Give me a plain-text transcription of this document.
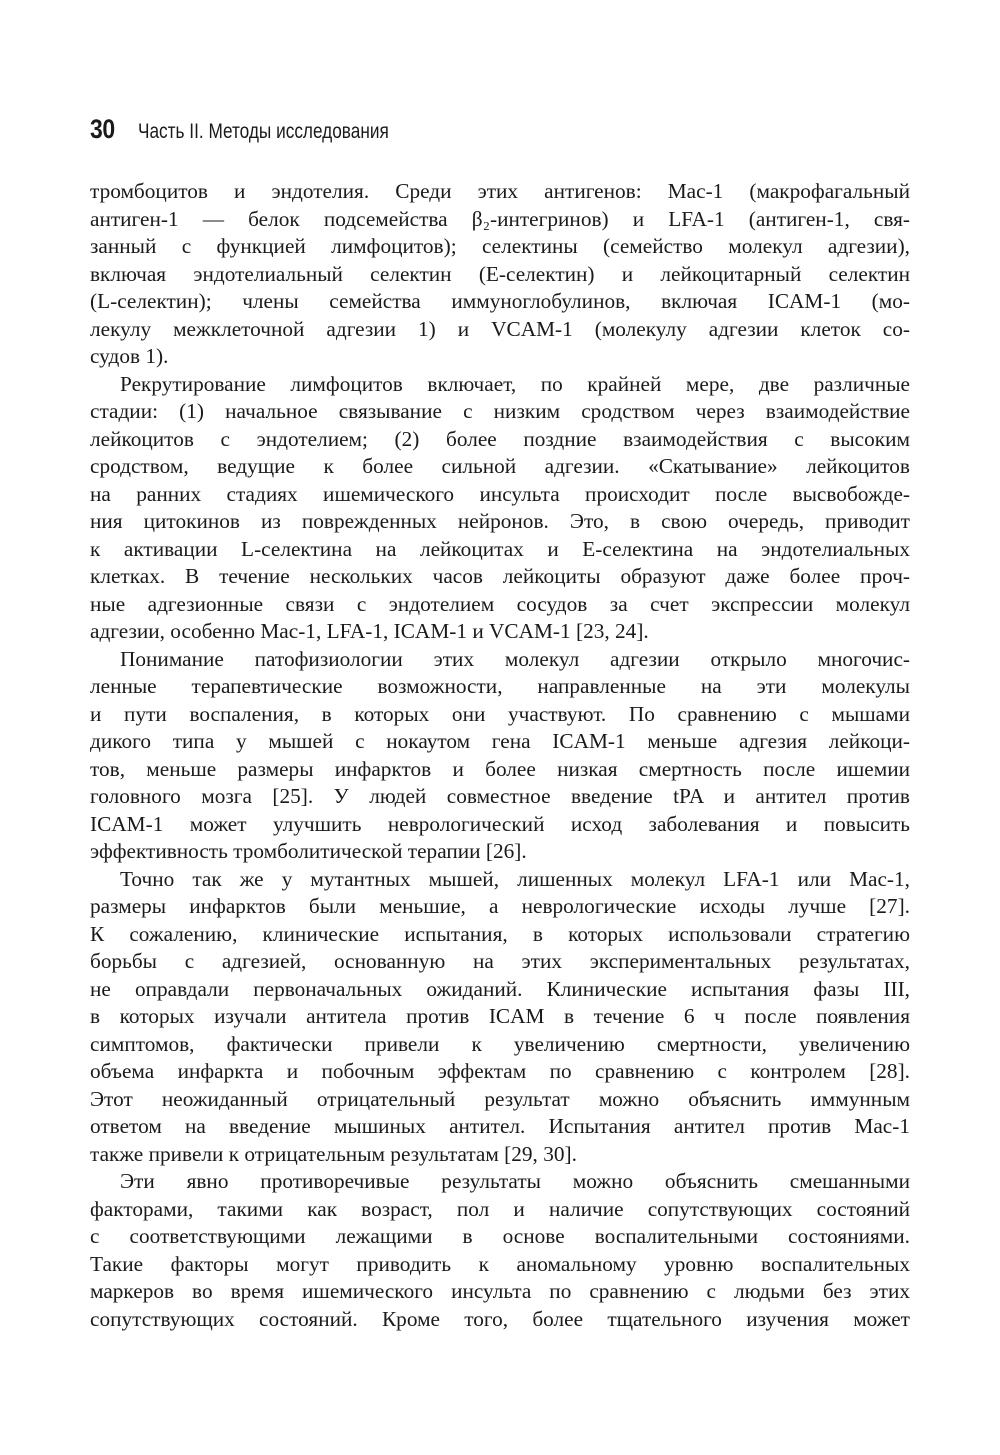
30 Часть II. Методы исследования
тромбоцитов и эндотелия. Среди этих антигенов: Mac-1 (макрофагальный
антиген-1 — белок подсемейства β₂-интегринов) и LFA-1 (антиген-1, свя-
занный с функцией лимфоцитов); селектины (семейство молекул адгезии),
включая эндотелиальный селектин (Е-селектин) и лейкоцитарный селектин
(L-селектин); члены семейства иммуноглобулинов, включая ICAM-1 (мо-
лекулу межклеточной адгезии 1) и VCAM-1 (молекулу адгезии клеток со-
судов 1).
Рекрутирование лимфоцитов включает, по крайней мере, две различные
стадии: (1) начальное связывание с низким сродством через взаимодействие
лейкоцитов с эндотелием; (2) более поздние взаимодействия с высоким
сродством, ведущие к более сильной адгезии. «Скатывание» лейкоцитов
на ранних стадиях ишемического инсульта происходит после высвобожде-
ния цитокинов из поврежденных нейронов. Это, в свою очередь, приводит
к активации L-селектина на лейкоцитах и Е-селектина на эндотелиальных
клетках. В течение нескольких часов лейкоциты образуют даже более проч-
ные адгезионные связи с эндотелием сосудов за счет экспрессии молекул
адгезии, особенно Mac-1, LFA-1, ICAM-1 и VCAM-1 [23, 24].
Понимание патофизиологии этих молекул адгезии открыло многочис-
ленные терапевтические возможности, направленные на эти молекулы
и пути воспаления, в которых они участвуют. По сравнению с мышами
дикого типа у мышей с нокаутом гена ICAM-1 меньше адгезия лейкоци-
тов, меньше размеры инфарктов и более низкая смертность после ишемии
головного мозга [25]. У людей совместное введение tPA и антител против
ICAM-1 может улучшить неврологический исход заболевания и повысить
эффективность тромболитической терапии [26].
Точно так же у мутантных мышей, лишенных молекул LFA-1 или Mac-1,
размеры инфарктов были меньшие, а неврологические исходы лучше [27].
К сожалению, клинические испытания, в которых использовали стратегию
борьбы с адгезией, основанную на этих экспериментальных результатах,
не оправдали первоначальных ожиданий. Клинические испытания фазы III,
в которых изучали антитела против ICAM в течение 6 ч после появления
симптомов, фактически привели к увеличению смертности, увеличению
объема инфаркта и побочным эффектам по сравнению с контролем [28].
Этот неожиданный отрицательный результат можно объяснить иммунным
ответом на введение мышиных антител. Испытания антител против Mac-1
также привели к отрицательным результатам [29, 30].
Эти явно противоречивые результаты можно объяснить смешанными
факторами, такими как возраст, пол и наличие сопутствующих состояний
с соответствующими лежащими в основе воспалительными состояниями.
Такие факторы могут приводить к аномальному уровню воспалительных
маркеров во время ишемического инсульта по сравнению с людьми без этих
сопутствующих состояний. Кроме того, более тщательного изучения может
